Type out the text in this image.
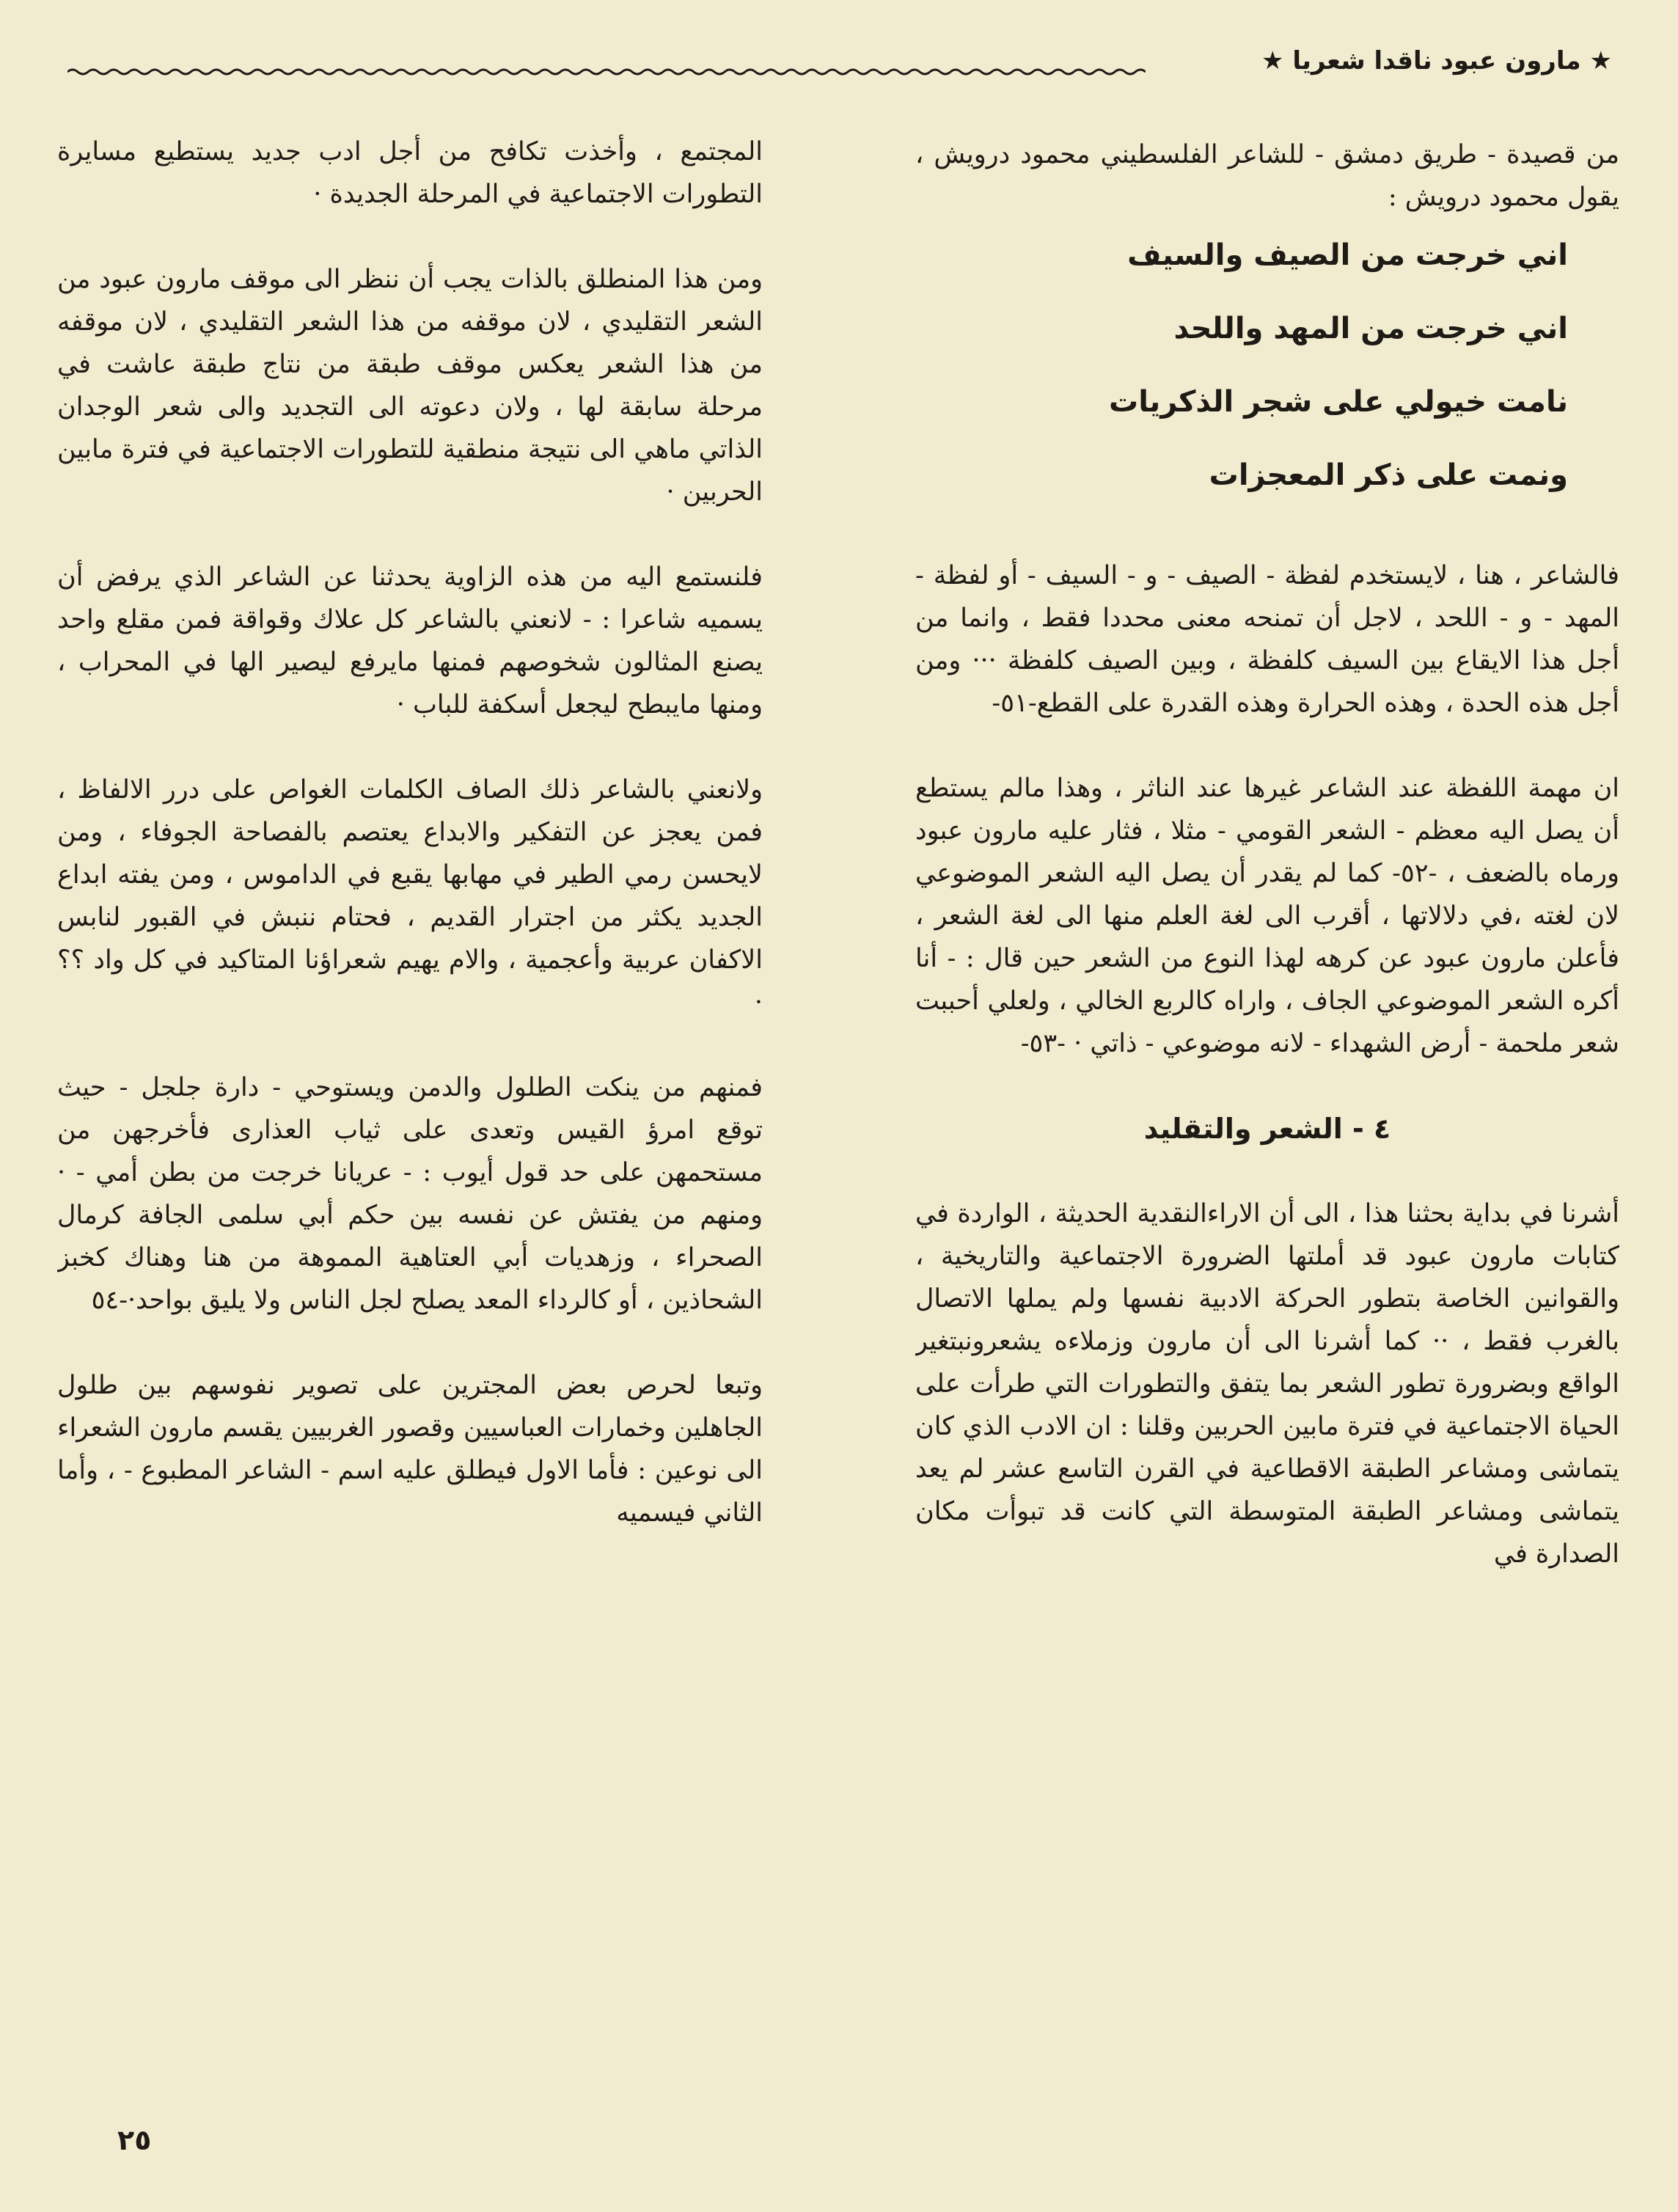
★ مارون عبود ناقدا شعريا ★

من قصيدة - طريق دمشق - للشاعر الفلسطيني محمود درويش ، يقول محمود درويش :

اني خرجت من الصيف والسيف
اني خرجت من المهد واللحد
نامت خيولي على شجر الذكريات
ونمت على ذكر المعجزات

فالشاعر ، هنا ، لايستخدم لفظة - الصيف - و - السيف - أو لفظة - المهد - و - اللحد ، لاجل أن تمنحه معنى محددا فقط ، وانما من أجل هذا الايقاع بين السيف كلفظة ، وبين الصيف كلفظة ··· ومن أجل هذه الحدة ، وهذه الحرارة وهذه القدرة على القطع-٥١-

ان مهمة اللفظة عند الشاعر غيرها عند الناثر ، وهذا مالم يستطع أن يصل اليه معظم - الشعر القومي - مثلا ، فثار عليه مارون عبود ورماه بالضعف ، -٥٢- كما لم يقدر أن يصل اليه الشعر الموضوعي لان لغته ،في دلالاتها ، أقرب الى لغة العلم منها الى لغة الشعر ، فأعلن مارون عبود عن كرهه لهذا النوع من الشعر حين قال : - أنا أكره الشعر الموضوعي الجاف ، واراه كالربع الخالي ، ولعلي أحببت شعر ملحمة - أرض الشهداء - لانه موضوعي - ذاتي · -٥٣-

٤ - الشعر والتقليد

أشرنا في بداية بحثنا هذا ، الى أن الاراءالنقدية الحديثة ، الواردة في كتابات مارون عبود قد أملتها الضرورة الاجتماعية والتاريخية ، والقوانين الخاصة بتطور الحركة الادبية نفسها ولم يملها الاتصال بالغرب فقط ، ·· كما أشرنا الى أن مارون وزملاءه يشعرونبتغير الواقع وبضرورة تطور الشعر بما يتفق والتطورات التي طرأت على الحياة الاجتماعية في فترة مابين الحربين وقلنا : ان الادب الذي كان يتماشى ومشاعر الطبقة الاقطاعية في القرن التاسع عشر لم يعد يتماشى ومشاعر الطبقة المتوسطة التي كانت قد تبوأت مكان الصدارة في

المجتمع ، وأخذت تكافح من أجل ادب جديد يستطيع مسايرة التطورات الاجتماعية في المرحلة الجديدة ·

ومن هذا المنطلق بالذات يجب أن ننظر الى موقف مارون عبود من الشعر التقليدي ، لان موقفه من هذا الشعر التقليدي ، لان موقفه من هذا الشعر يعكس موقف طبقة من نتاج طبقة عاشت في مرحلة سابقة لها ، ولان دعوته الى التجديد والى شعر الوجدان الذاتي ماهي الى نتيجة منطقية للتطورات الاجتماعية في فترة مابين الحربين ·

فلنستمع اليه من هذه الزاوية يحدثنا عن الشاعر الذي يرفض أن يسميه شاعرا : - لانعني بالشاعر كل علاك وقواقة فمن مقلع واحد يصنع المثالون شخوصهم فمنها مايرفع ليصير الها في المحراب ، ومنها مايبطح ليجعل أسكفة للباب ·

ولانعني بالشاعر ذلك الصاف الكلمات الغواص على درر الالفاظ ، فمن يعجز عن التفكير والابداع يعتصم بالفصاحة الجوفاء ، ومن لايحسن رمي الطير في مهابها يقبع في الداموس ، ومن يفته ابداع الجديد يكثر من اجترار القديم ، فحتام ننبش في القبور لنابس الاكفان عربية وأعجمية ، والام يهيم شعراؤنا المتاكيد في كل واد ؟؟ ·

فمنهم من ينكت الطلول والدمن ويستوحي - دارة جلجل - حيث توقع امرؤ القيس وتعدى على ثياب العذارى فأخرجهن من مستحمهن على حد قول أيوب : - عريانا خرجت من بطن أمي - · ومنهم من يفتش عن نفسه بين حكم أبي سلمى الجافة كرمال الصحراء ، وزهديات أبي العتاهية المموهة من هنا وهناك كخبز الشحاذين ، أو كالرداء المعد يصلح لجل الناس ولا يليق بواحد·-٥٤

وتبعا لحرص بعض المجترين على تصوير نفوسهم بين طلول الجاهلين وخمارات العباسيين وقصور الغربيين يقسم مارون الشعراء الى نوعين : فأما الاول فيطلق عليه اسم - الشاعر المطبوع - ، وأما الثاني فيسميه

٢٥
